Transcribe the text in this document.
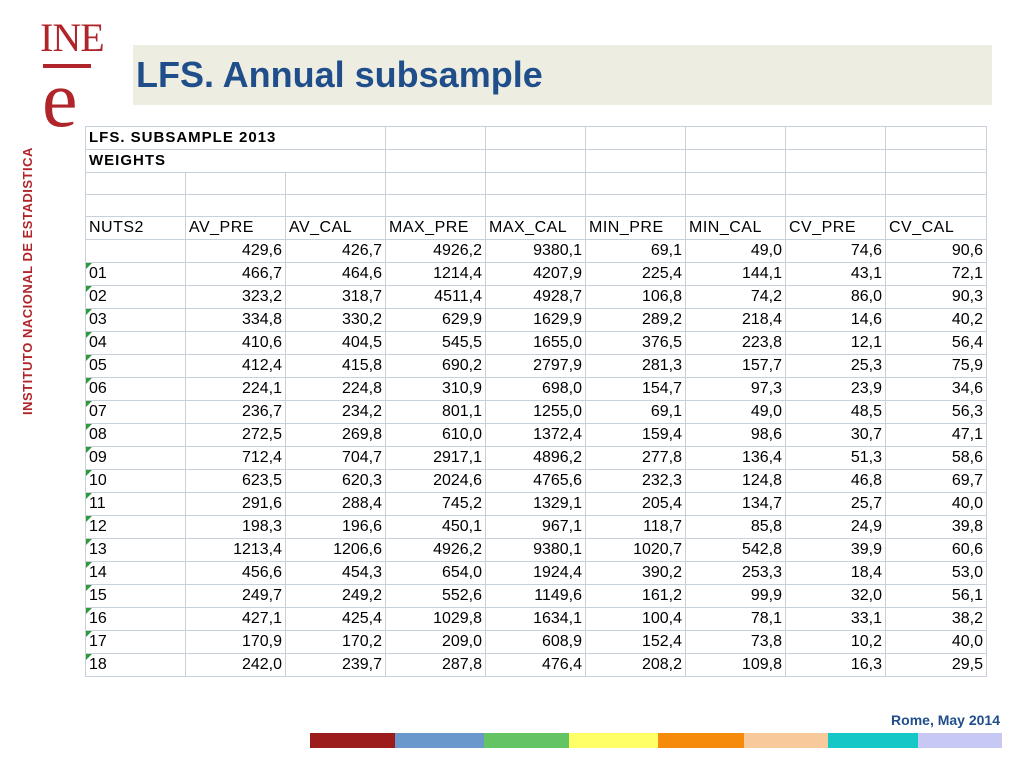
INE
e
INSTITUTO NACIONAL DE ESTADISTICA
LFS. Annual subsample
LFS. SUBSAMPLE 2013								
WEIGHTS								

NUTS2	AV_PRE	AV_CAL	MAX_PRE	MAX_CAL	MIN_PRE	MIN_CAL	CV_PRE	CV_CAL
	429,6	426,7	4926,2	9380,1	69,1	49,0	74,6	90,6

01	466,7	464,6	1214,4	4207,9	225,4	144,1	43,1	72,1

02	323,2	318,7	4511,4	4928,7	106,8	74,2	86,0	90,3

03	334,8	330,2	629,9	1629,9	289,2	218,4	14,6	40,2

04	410,6	404,5	545,5	1655,0	376,5	223,8	12,1	56,4

05	412,4	415,8	690,2	2797,9	281,3	157,7	25,3	75,9

06	224,1	224,8	310,9	698,0	154,7	97,3	23,9	34,6

07	236,7	234,2	801,1	1255,0	69,1	49,0	48,5	56,3

08	272,5	269,8	610,0	1372,4	159,4	98,6	30,7	47,1

09	712,4	704,7	2917,1	4896,2	277,8	136,4	51,3	58,6

10	623,5	620,3	2024,6	4765,6	232,3	124,8	46,8	69,7

11	291,6	288,4	745,2	1329,1	205,4	134,7	25,7	40,0

12	198,3	196,6	450,1	967,1	118,7	85,8	24,9	39,8

13	1213,4	1206,6	4926,2	9380,1	1020,7	542,8	39,9	60,6

14	456,6	454,3	654,0	1924,4	390,2	253,3	18,4	53,0

15	249,7	249,2	552,6	1149,6	161,2	99,9	32,0	56,1

16	427,1	425,4	1029,8	1634,1	100,4	78,1	33,1	38,2

17	170,9	170,2	209,0	608,9	152,4	73,8	10,2	40,0

18	242,0	239,7	287,8	476,4	208,2	109,8	16,3	29,5
Rome, May 2014
